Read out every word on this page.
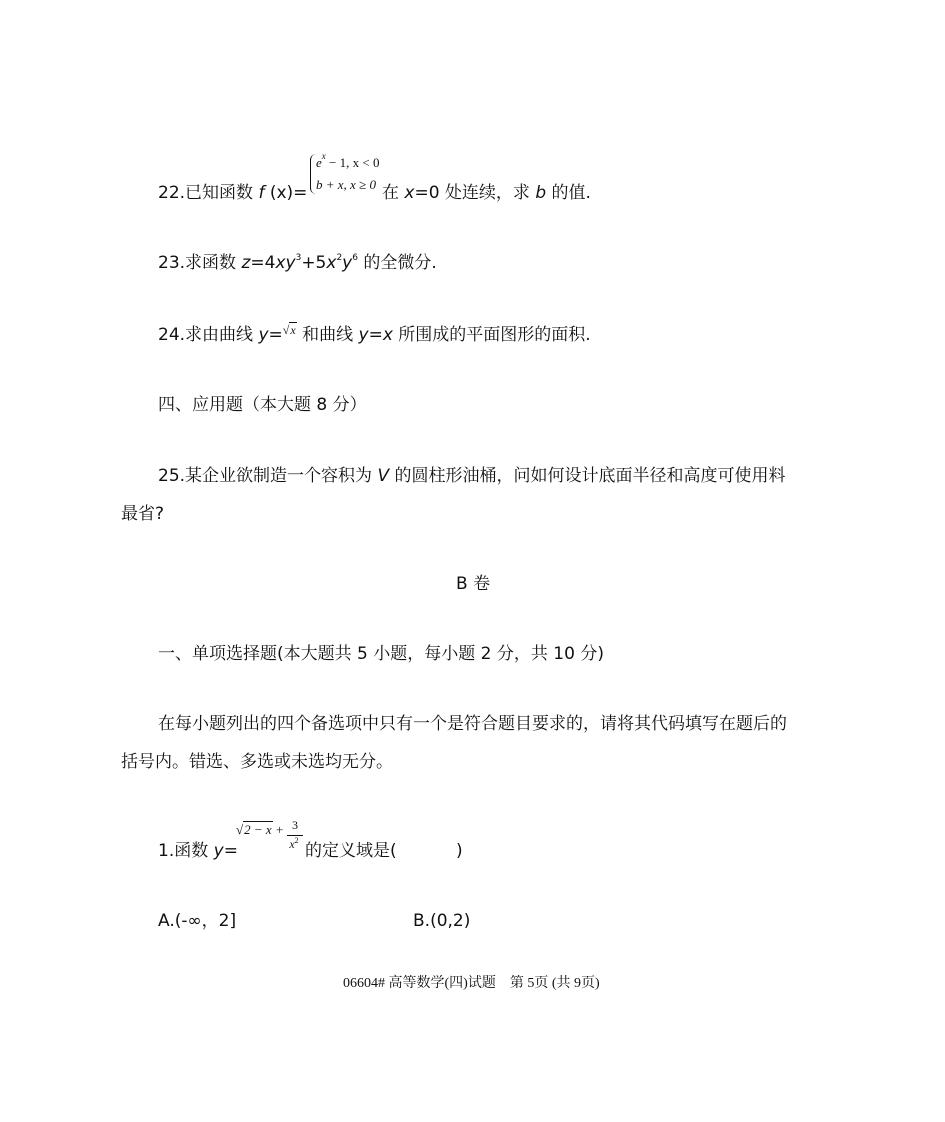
$e^x - 1$, x < 0
b + x, x ≥ 0
22.已知函数 f (x)=	在 x=0 处连续，求 b 的值.
23.求函数 $z=4xy^3+5x^2y^6$ 的全微分.
24.求由曲线 y=$^{√x}$ 和曲线 y=x 所围成的平面图形的面积.
四、应用题（本大题 8 分）
25.某企业欲制造一个容积为 V 的圆柱形油桶，问如何设计底面半径和高度可使用料
最省?
B 卷
一、单项选择题(本大题共 5 小题，每小题 2 分，共 10 分)
在每小题列出的四个备选项中只有一个是符合题目要求的，请将其代码填写在题后的
括号内。错选、多选或未选均无分。
1.函数 y=
√2 − x + 3
$x^2$
的定义域是(	)
A.(-∞，2]	B.(0,2)
06604# 高等数学(四)试题　第 5页 (共 9页)
